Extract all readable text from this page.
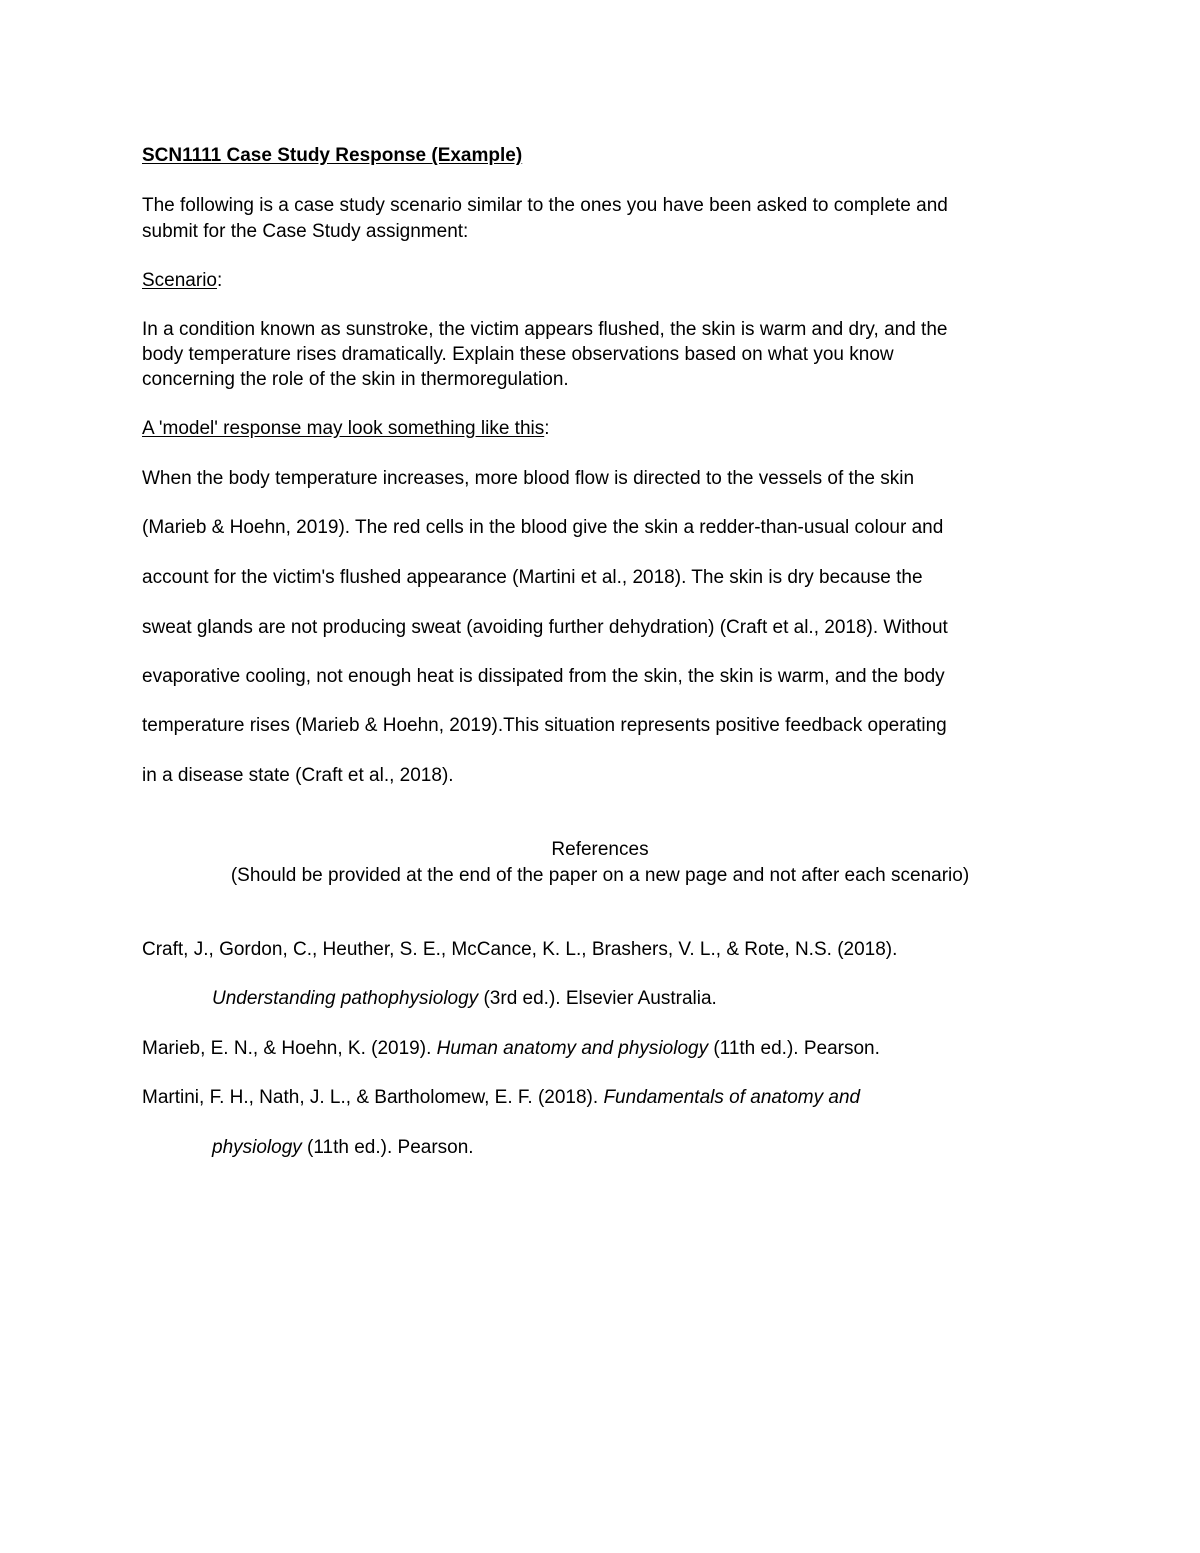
SCN1111 Case Study Response (Example)
The following is a case study scenario similar to the ones you have been asked to complete and
submit for the Case Study assignment:
Scenario:
In a condition known as sunstroke, the victim appears flushed, the skin is warm and dry, and the
body temperature rises dramatically. Explain these observations based on what you know
concerning the role of the skin in thermoregulation.
A 'model' response may look something like this:
When the body temperature increases, more blood flow is directed to the vessels of the skin
(Marieb & Hoehn, 2019). The red cells in the blood give the skin a redder-than-usual colour and
account for the victim's flushed appearance (Martini et al., 2018). The skin is dry because the
sweat glands are not producing sweat (avoiding further dehydration) (Craft et al., 2018). Without
evaporative cooling, not enough heat is dissipated from the skin, the skin is warm, and the body
temperature rises (Marieb & Hoehn, 2019).This situation represents positive feedback operating
in a disease state (Craft et al., 2018).
References
(Should be provided at the end of the paper on a new page and not after each scenario)
Craft, J., Gordon, C., Heuther, S. E., McCance, K. L., Brashers, V. L., & Rote, N.S. (2018).
Understanding pathophysiology (3rd ed.). Elsevier Australia.
Marieb, E. N., & Hoehn, K. (2019). Human anatomy and physiology (11th ed.). Pearson.
Martini, F. H., Nath, J. L., & Bartholomew, E. F. (2018). Fundamentals of anatomy and
physiology (11th ed.). Pearson.
